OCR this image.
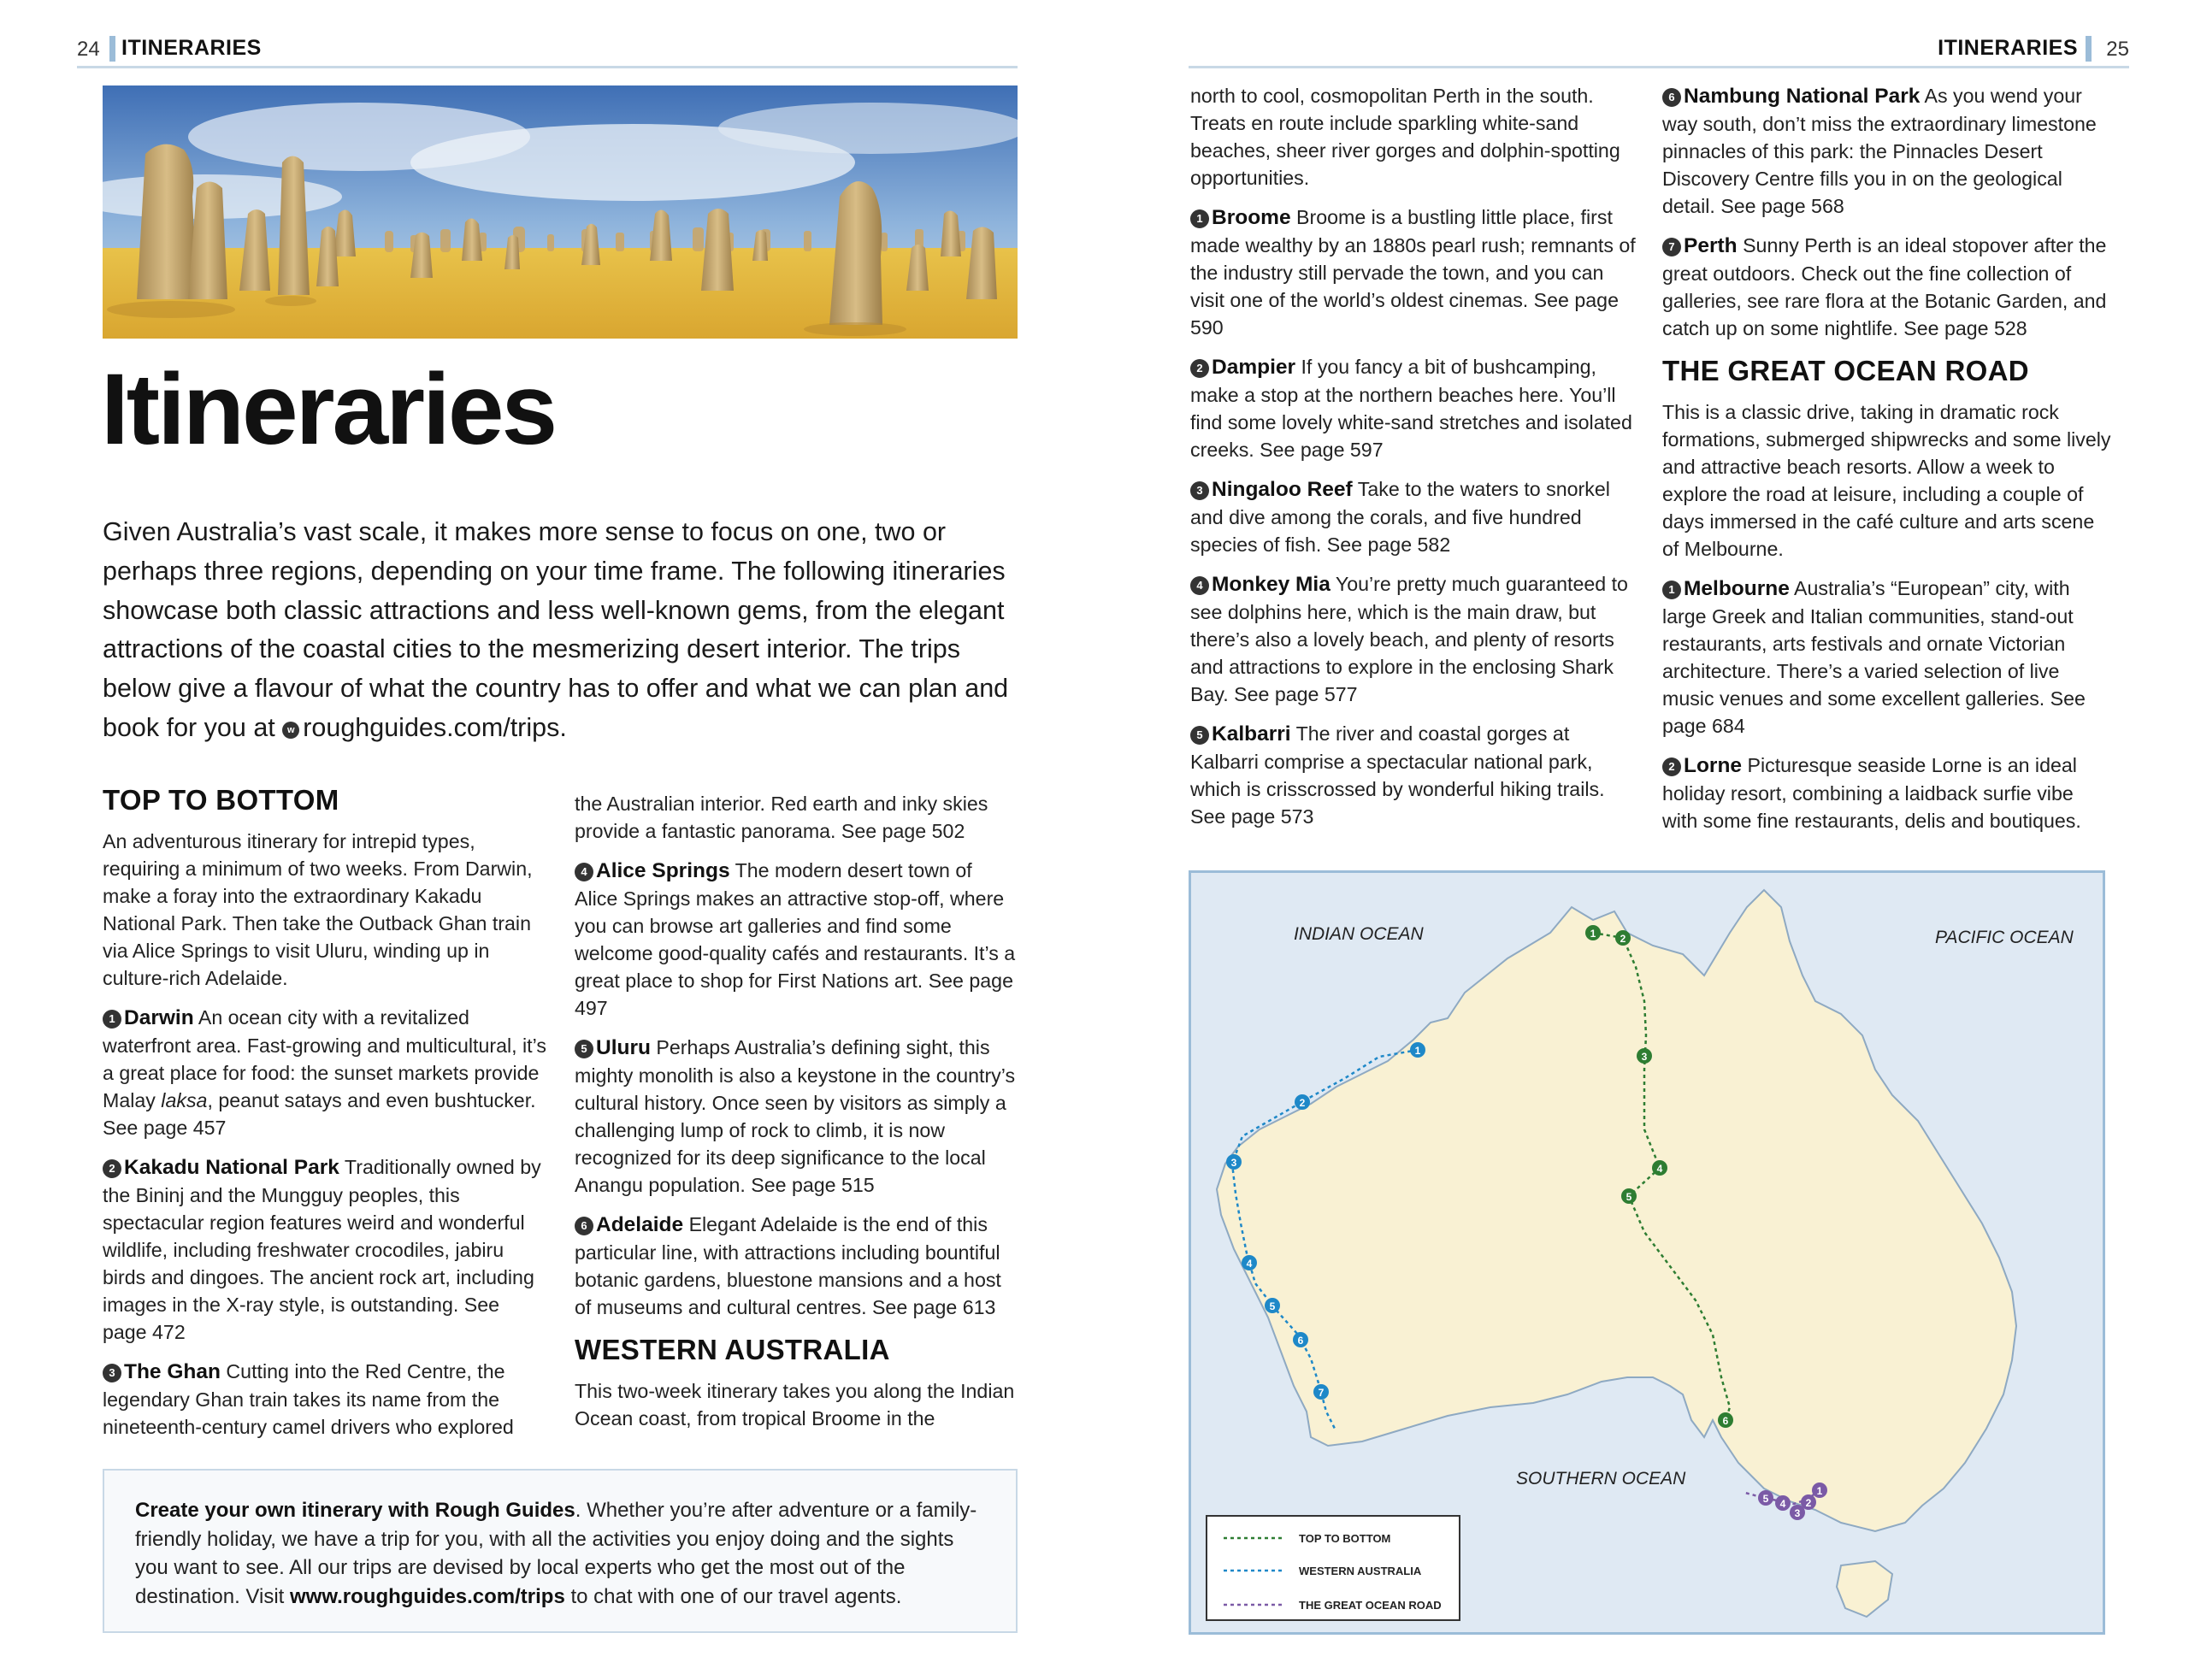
24 ITINERARIES	ITINERARIES 25
Itineraries
Given Australia’s vast scale, it makes more sense to focus on one, two or perhaps three regions, depending on your time frame. The following itineraries showcase both classic attractions and less well-known gems, from the elegant attractions of the coastal cities to the mesmerizing desert interior. The trips below give a flavour of what the country has to offer and what we can plan and book for you at w roughguides.com/trips.
TOP TO BOTTOM

An adventurous itinerary for intrepid types, requiring a minimum of two weeks. From Darwin, make a foray into the extraordinary Kakadu National Park. Then take the Outback Ghan train via Alice Springs to visit Uluru, winding up in culture-rich Adelaide.

1 Darwin An ocean city with a revitalized waterfront area. Fast-growing and multicultural, it’s a great place for food: the sunset markets provide Malay laksa, peanut satays and even bushtucker. See page 457

2 Kakadu National Park Traditionally owned by the Bininj and the Mungguy peoples, this spectacular region features weird and wonderful wildlife, including freshwater crocodiles, jabiru birds and dingoes. The ancient rock art, including images in the X-ray style, is outstanding. See page 472

3 The Ghan Cutting into the Red Centre, the legendary Ghan train takes its name from the nineteenth-century camel drivers who explored

the Australian interior. Red earth and inky skies provide a fantastic panorama. See page 502

4 Alice Springs The modern desert town of Alice Springs makes an attractive stop-off, where you can browse art galleries and find some welcome good-quality cafés and restaurants. It’s a great place to shop for First Nations art. See page 497

5 Uluru Perhaps Australia’s defining sight, this mighty monolith is also a keystone in the country’s cultural history. Once seen by visitors as simply a challenging lump of rock to climb, it is now recognized for its deep significance to the local Anangu population. See page 515

6 Adelaide Elegant Adelaide is the end of this particular line, with attractions including bountiful botanic gardens, bluestone mansions and a host of museums and cultural centres. See page 613

WESTERN AUSTRALIA

This two-week itinerary takes you along the Indian Ocean coast, from tropical Broome in the

north to cool, cosmopolitan Perth in the south. Treats en route include sparkling white-sand beaches, sheer river gorges and dolphin-spotting opportunities.

1 Broome Broome is a bustling little place, first made wealthy by an 1880s pearl rush; remnants of the industry still pervade the town, and you can visit one of the world’s oldest cinemas. See page 590

2 Dampier If you fancy a bit of bushcamping, make a stop at the northern beaches here. You’ll find some lovely white-sand stretches and isolated creeks. See page 597

3 Ningaloo Reef Take to the waters to snorkel and dive among the corals, and five hundred species of fish. See page 582

4 Monkey Mia You’re pretty much guaranteed to see dolphins here, which is the main draw, but there’s also a lovely beach, and plenty of resorts and attractions to explore in the enclosing Shark Bay. See page 577

5 Kalbarri The river and coastal gorges at Kalbarri comprise a spectacular national park, which is crisscrossed by wonderful hiking trails. See page 573

6 Nambung National Park As you wend your way south, don’t miss the extraordinary limestone pinnacles of this park: the Pinnacles Desert Discovery Centre fills you in on the geological detail. See page 568

7 Perth Sunny Perth is an ideal stopover after the great outdoors. Check out the fine collection of galleries, see rare flora at the Botanic Garden, and catch up on some nightlife. See page 528

THE GREAT OCEAN ROAD

This is a classic drive, taking in dramatic rock formations, submerged shipwrecks and some lively and attractive beach resorts. Allow a week to explore the road at leisure, including a couple of days immersed in the café culture and arts scene of Melbourne.

1 Melbourne Australia’s “European” city, with large Greek and Italian communities, stand-out restaurants, arts festivals and ornate Victorian architecture. There’s a varied selection of live music venues and some excellent galleries. See page 684

2 Lorne Picturesque seaside Lorne is an ideal holiday resort, combining a laidback surfie vibe with some fine restaurants, delis and boutiques.

Create your own itinerary with Rough Guides. Whether you’re after adventure or a family-friendly holiday, we have a trip for you, with all the activities you enjoy doing and the sights you want to see. All our trips are devised by local experts who get the most out of the destination. Visit www.roughguides.com/trips to chat with one of our travel agents.
INDIAN OCEAN	PACIFIC OCEAN
SOUTHERN OCEAN
1 2
3
4
5
6
1
2
3
4
5
6
7
1
2
3
4
5
TOP TO BOTTOM
WESTERN AUSTRALIA
THE GREAT OCEAN ROAD
